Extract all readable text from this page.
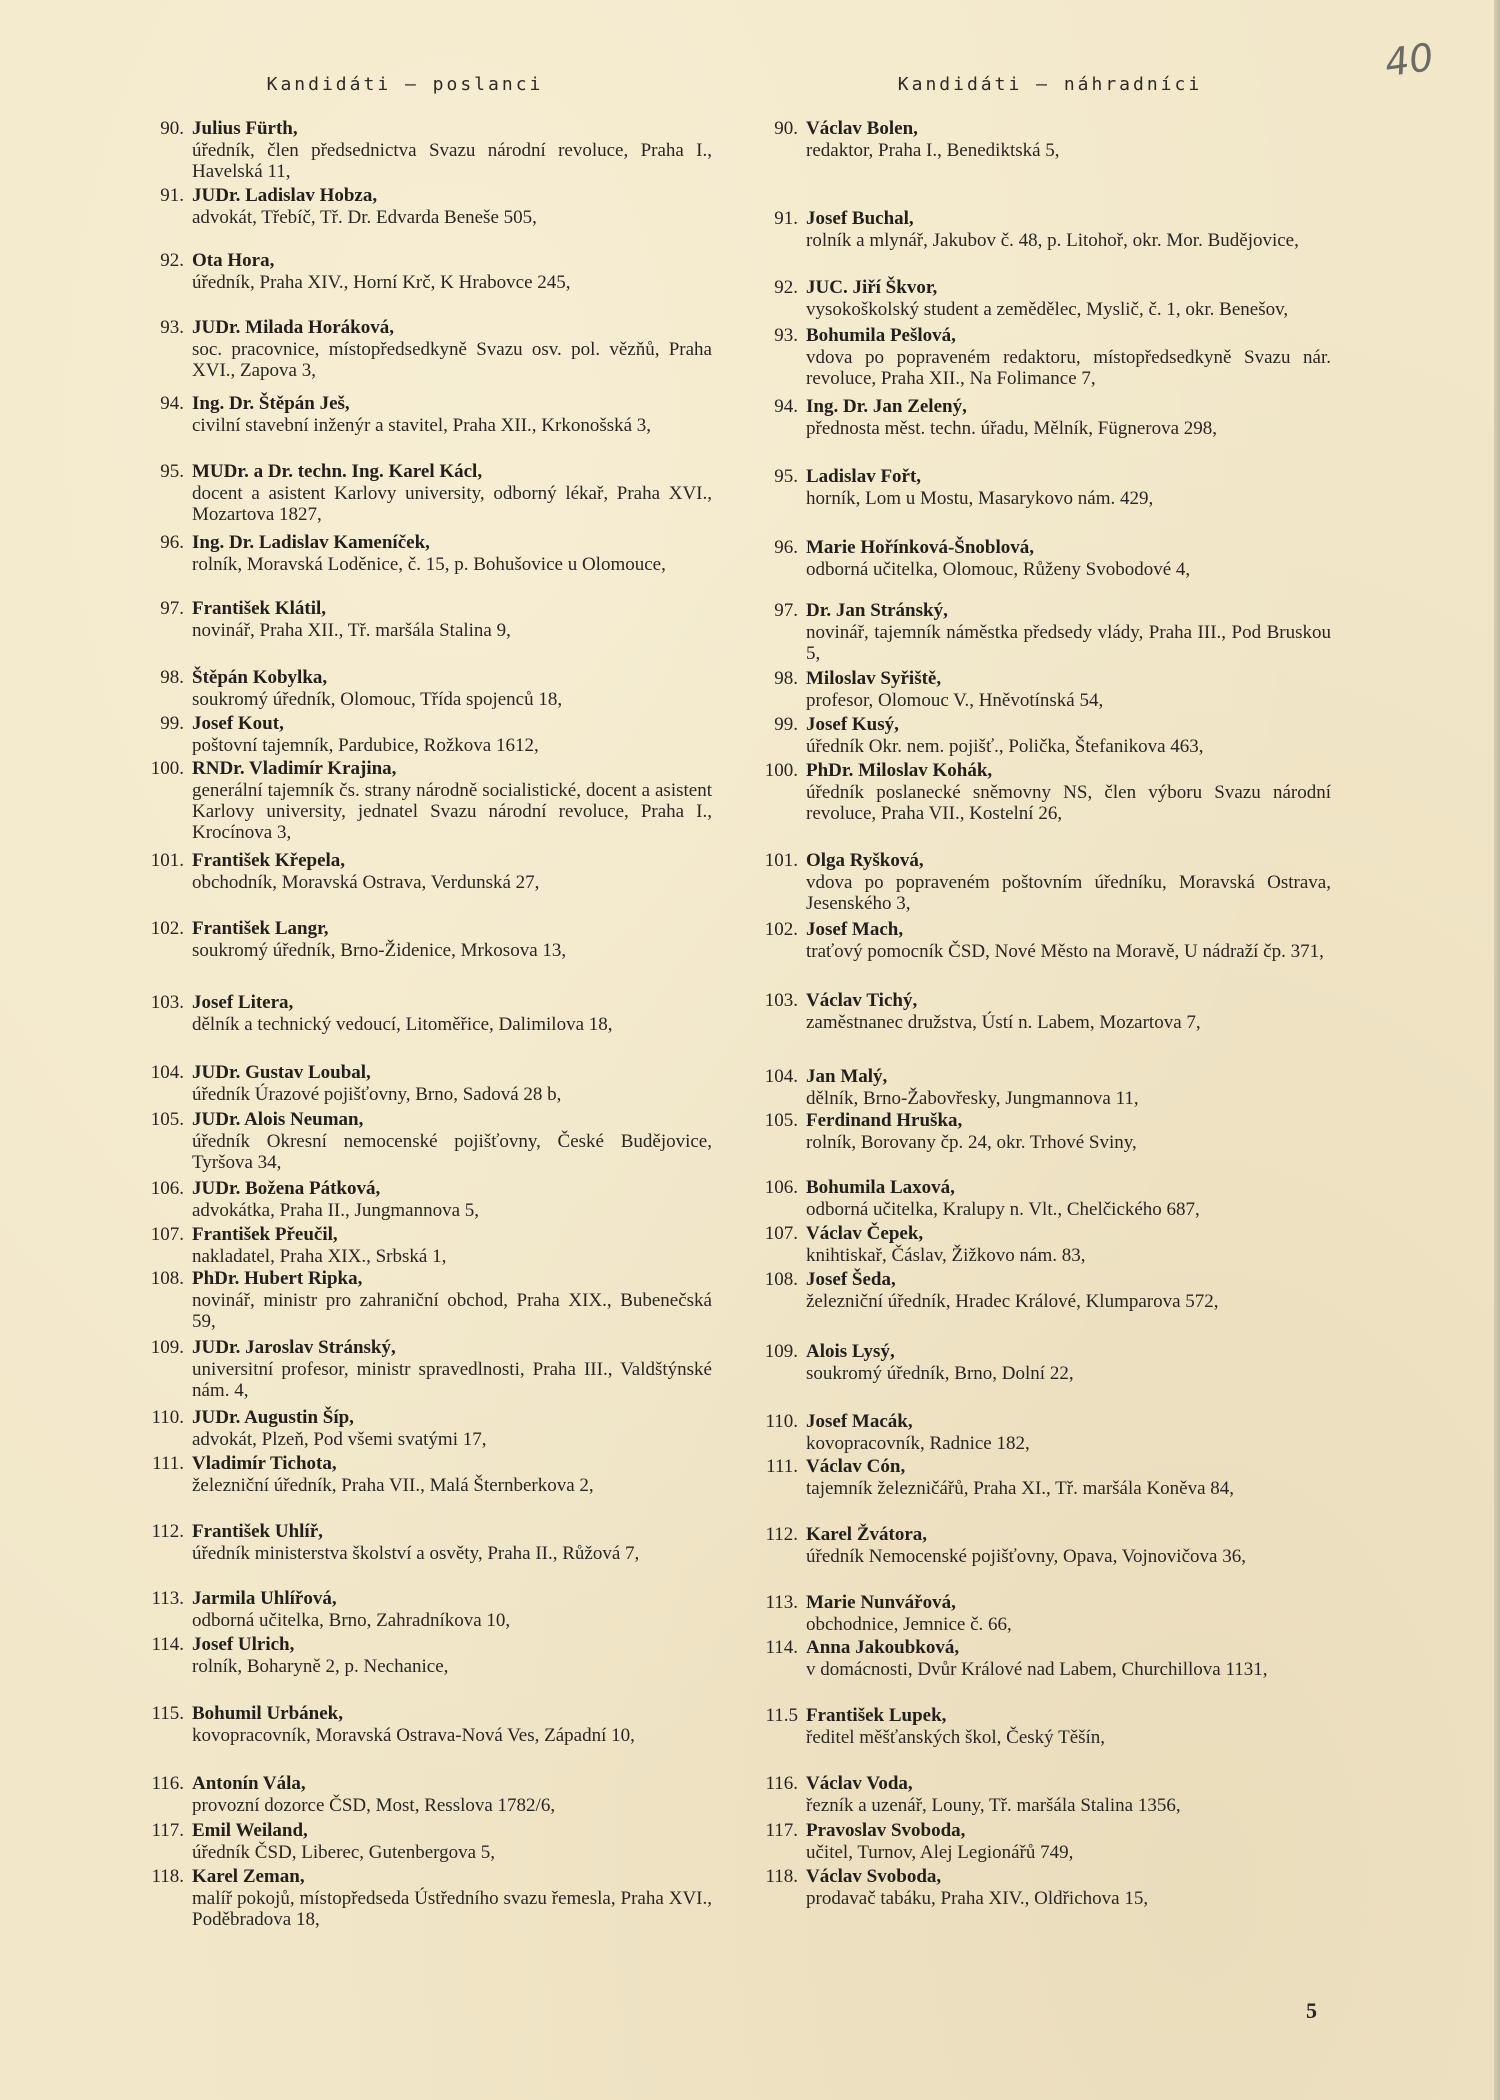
40
Kandidáti — poslanci
90. Julius Fürth,
úředník, člen předsednictva Svazu národní revoluce, Praha I., Havelská 11,
91. JUDr. Ladislav Hobza,
advokát, Třebíč, Tř. Dr. Edvarda Beneše 505,
92. Ota Hora,
úředník, Praha XIV., Horní Krč, K Hrabovce 245,
93. JUDr. Milada Horáková,
soc. pracovnice, místopředsedkyně Svazu osv. pol. vězňů, Praha XVI., Zapova 3,
94. Ing. Dr. Štěpán Ješ,
civilní stavební inženýr a stavitel, Praha XII., Krkonošská 3,
95. MUDr. a Dr. techn. Ing. Karel Kácl,
docent a asistent Karlovy university, odborný lékař, Praha XVI., Mozartova 1827,
96. Ing. Dr. Ladislav Kameníček,
rolník, Moravská Loděnice, č. 15, p. Bohušovice u Olomouce,
97. František Klátil,
novinář, Praha XII., Tř. maršála Stalina 9,
98. Štěpán Kobylka,
soukromý úředník, Olomouc, Třída spojenců 18,
99. Josef Kout,
poštovní tajemník, Pardubice, Rožkova 1612,
100. RNDr. Vladimír Krajina,
generální tajemník čs. strany národně socialistické, docent a asistent Karlovy university, jednatel Svazu národní revoluce, Praha I., Krocínova 3,
101. František Křepela,
obchodník, Moravská Ostrava, Verdunská 27,
102. František Langr,
soukromý úředník, Brno-Židenice, Mrkosova 13,
103. Josef Litera,
dělník a technický vedoucí, Litoměřice, Dalimilova 18,
104. JUDr. Gustav Loubal,
úředník Úrazové pojišťovny, Brno, Sadová 28 b,
105. JUDr. Alois Neuman,
úředník Okresní nemocenské pojišťovny, České Budějovice, Tyršova 34,
106. JUDr. Božena Pátková,
advokátka, Praha II., Jungmannova 5,
107. František Přeučil,
nakladatel, Praha XIX., Srbská 1,
108. PhDr. Hubert Ripka,
novinář, ministr pro zahraniční obchod, Praha XIX., Bubenečská 59,
109. JUDr. Jaroslav Stránský,
universitní profesor, ministr spravedlnosti, Praha III., Valdštýnské nám. 4,
110. JUDr. Augustin Šíp,
advokát, Plzeň, Pod všemi svatými 17,
111. Vladimír Tichota,
železniční úředník, Praha VII., Malá Šternberkova 2,
112. František Uhlíř,
úředník ministerstva školství a osvěty, Praha II., Růžová 7,
113. Jarmila Uhlířová,
odborná učitelka, Brno, Zahradníkova 10,
114. Josef Ulrich,
rolník, Boharyně 2, p. Nechanice,
115. Bohumil Urbánek,
kovopracovník, Moravská Ostrava-Nová Ves, Západní 10,
116. Antonín Vála,
provozní dozorce ČSD, Most, Resslova 1782/6,
117. Emil Weiland,
úředník ČSD, Liberec, Gutenbergova 5,
118. Karel Zeman,
malíř pokojů, místopředseda Ústředního svazu řemesla, Praha XVI., Poděbradova 18,
Kandidáti — náhradníci
90. Václav Bolen,
redaktor, Praha I., Benediktská 5,
91. Josef Buchal,
rolník a mlynář, Jakubov č. 48, p. Litohoř, okr. Mor. Budějovice,
92. JUC. Jiří Škvor,
vysokoškolský student a zemědělec, Myslič, č. 1, okr. Benešov,
93. Bohumila Pešlová,
vdova po popraveném redaktoru, místopředsedkyně Svazu nár. revoluce, Praha XII., Na Folimance 7,
94. Ing. Dr. Jan Zelený,
přednosta měst. techn. úřadu, Mělník, Fügnerova 298,
95. Ladislav Fořt,
horník, Lom u Mostu, Masarykovo nám. 429,
96. Marie Hořínková-Šnoblová,
odborná učitelka, Olomouc, Růženy Svobodové 4,
97. Dr. Jan Stránský,
novinář, tajemník náměstka předsedy vlády, Praha III., Pod Bruskou 5,
98. Miloslav Syřiště,
profesor, Olomouc V., Hněvotínská 54,
99. Josef Kusý,
úředník Okr. nem. pojišť., Polička, Štefanikova 463,
100. PhDr. Miloslav Kohák,
úředník poslanecké sněmovny NS, člen výboru Svazu národní revoluce, Praha VII., Kostelní 26,
101. Olga Ryšková,
vdova po popraveném poštovním úředníku, Moravská Ostrava, Jesenského 3,
102. Josef Mach,
traťový pomocník ČSD, Nové Město na Moravě, U nádraží čp. 371,
103. Václav Tichý,
zaměstnanec družstva, Ústí n. Labem, Mozartova 7,
104. Jan Malý,
dělník, Brno-Žabovřesky, Jungmannova 11,
105. Ferdinand Hruška,
rolník, Borovany čp. 24, okr. Trhové Sviny,
106. Bohumila Laxová,
odborná učitelka, Kralupy n. Vlt., Chelčického 687,
107. Václav Čepek,
knihtiskař, Čáslav, Žižkovo nám. 83,
108. Josef Šeda,
železniční úředník, Hradec Králové, Klumparova 572,
109. Alois Lysý,
soukromý úředník, Brno, Dolní 22,
110. Josef Macák,
kovopracovník, Radnice 182,
111. Václav Cón,
tajemník železničářů, Praha XI., Tř. maršála Koněva 84,
112. Karel Žvátora,
úředník Nemocenské pojišťovny, Opava, Vojnovičova 36,
113. Marie Nunvářová,
obchodnice, Jemnice č. 66,
114. Anna Jakoubková,
v domácnosti, Dvůr Králové nad Labem, Churchillova 1131,
11.5 František Lupek,
ředitel měšťanských škol, Český Těšín,
116. Václav Voda,
řezník a uzenář, Louny, Tř. maršála Stalina 1356,
117. Pravoslav Svoboda,
učitel, Turnov, Alej Legionářů 749,
118. Václav Svoboda,
prodavač tabáku, Praha XIV., Oldřichova 15,
5
